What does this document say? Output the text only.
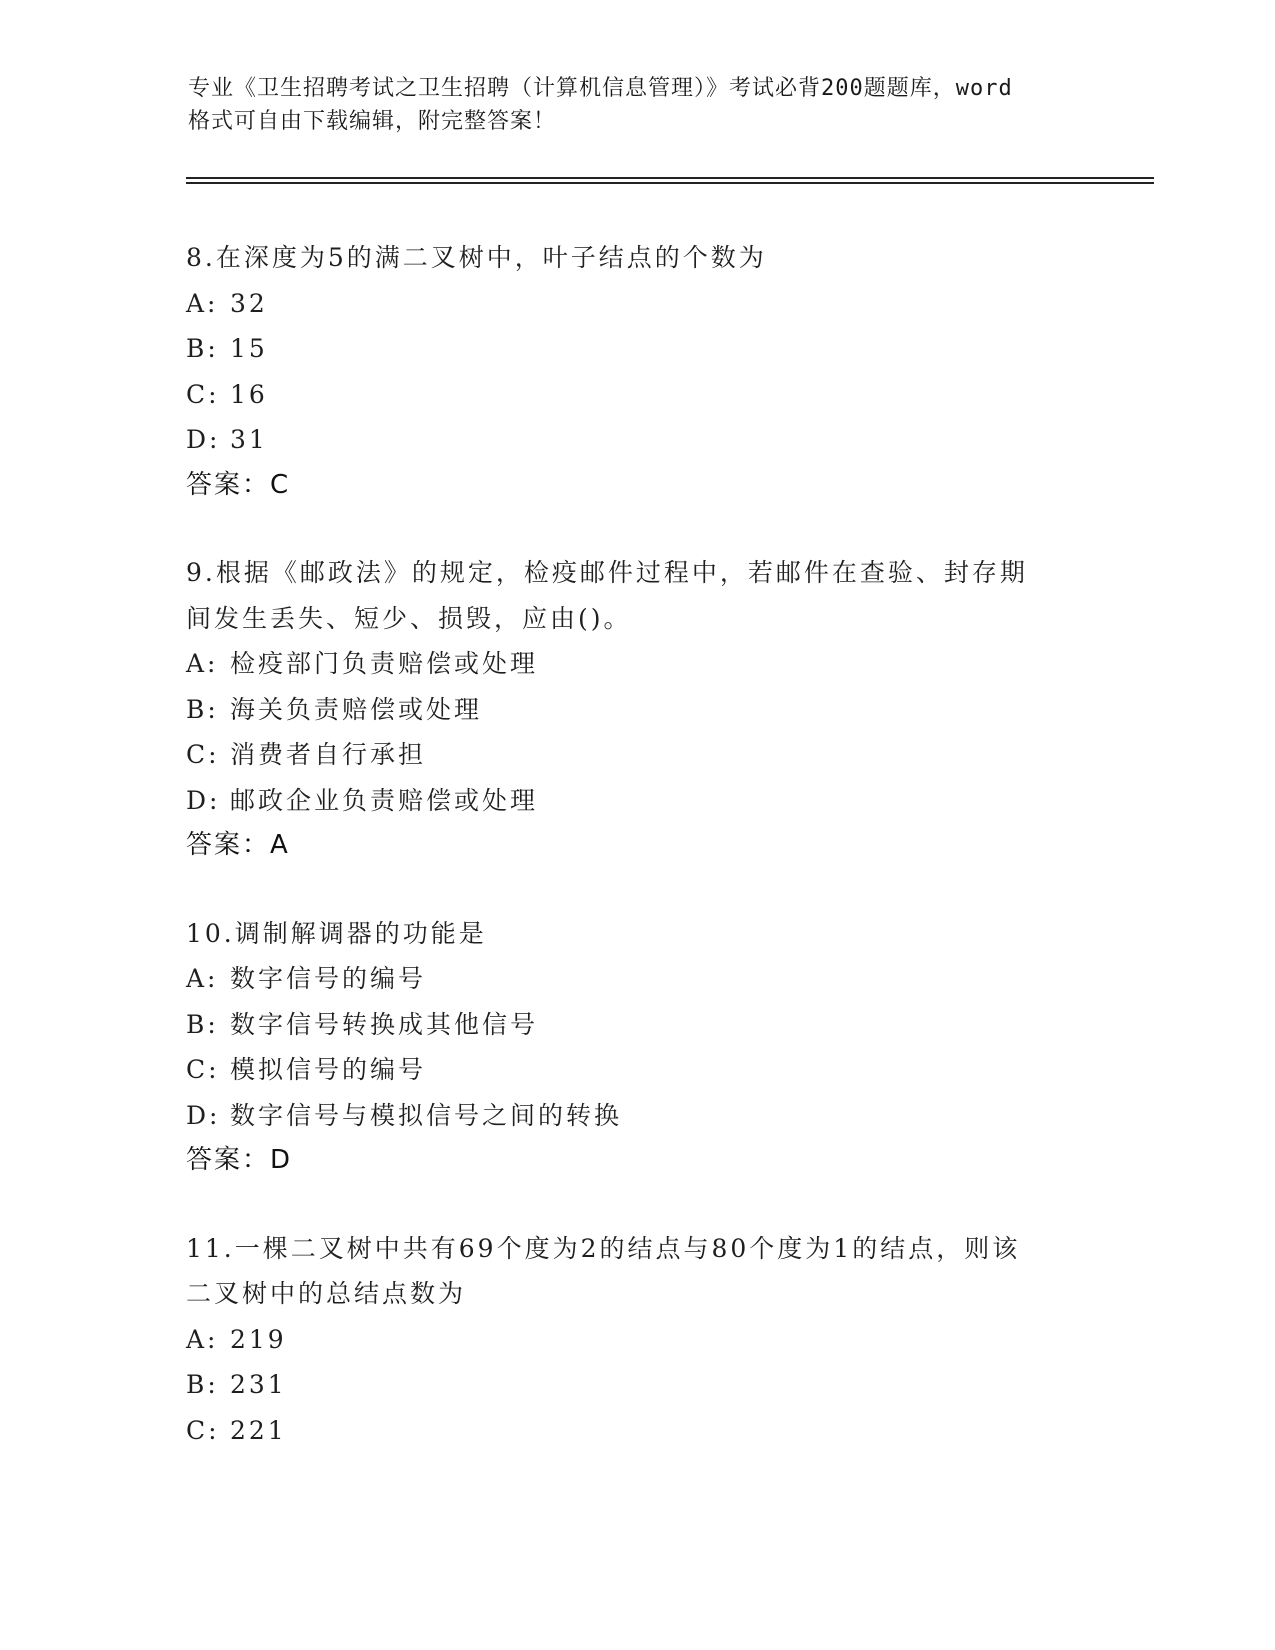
专业《卫生招聘考试之卫生招聘（计算机信息管理）》考试必背200题题库，word
格式可自由下载编辑，附完整答案！
8.在深度为5的满二叉树中，叶子结点的个数为
A: 32
B: 15
C: 16
D: 31
答案：C
9.根据《邮政法》的规定，检疫邮件过程中，若邮件在查验、封存期
间发生丢失、短少、损毁，应由()。
A: 检疫部门负责赔偿或处理
B: 海关负责赔偿或处理
C: 消费者自行承担
D: 邮政企业负责赔偿或处理
答案：A
10.调制解调器的功能是
A: 数字信号的编号
B: 数字信号转换成其他信号
C: 模拟信号的编号
D: 数字信号与模拟信号之间的转换
答案：D
11.一棵二叉树中共有69个度为2的结点与80个度为1的结点，则该
二叉树中的总结点数为
A: 219
B: 231
C: 221
